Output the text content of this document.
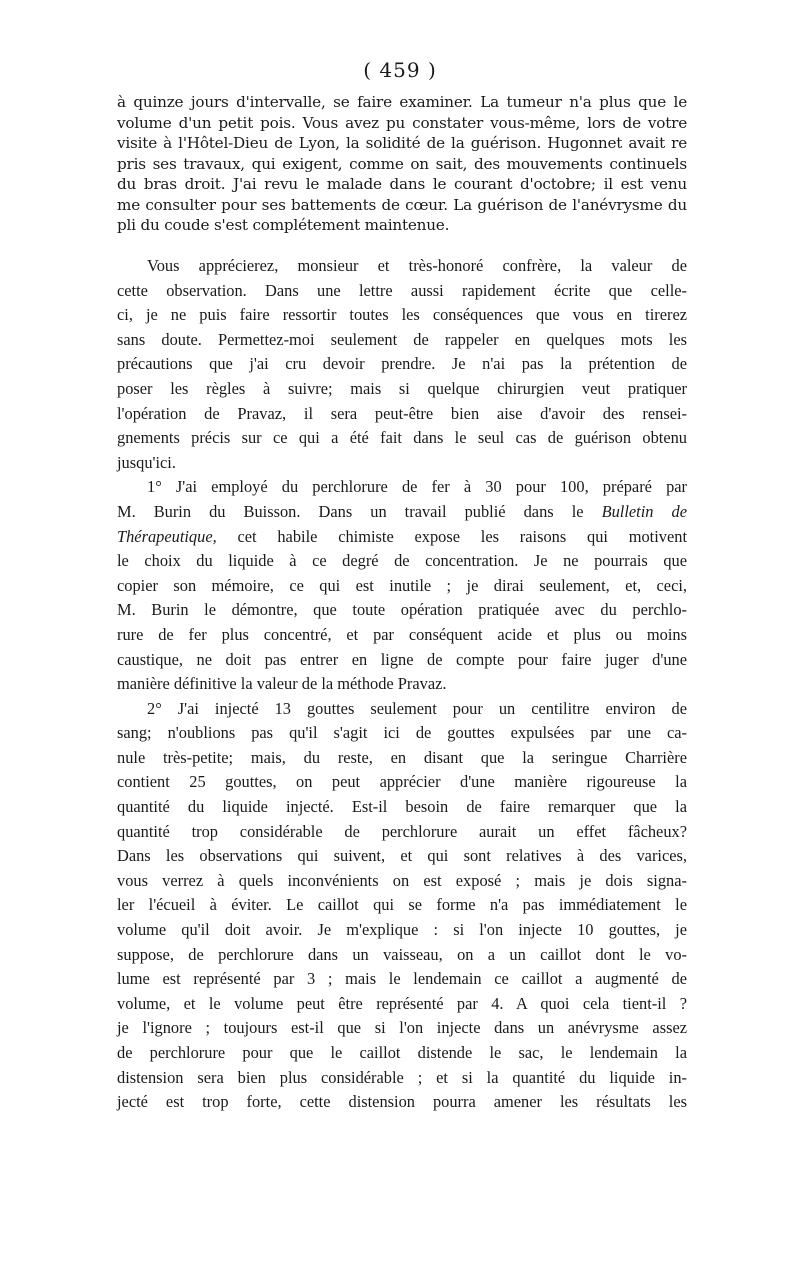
( 459 )
à quinze jours d'intervalle, se faire examiner. La tumeur n'a plus que le
volume d'un petit pois. Vous avez pu constater vous-même, lors de votre
visite à l'Hôtel-Dieu de Lyon, la solidité de la guérison. Hugonnet avait re
pris ses travaux, qui exigent, comme on sait, des mouvements continuels
du bras droit. J'ai revu le malade dans le courant d'octobre; il est venu
me consulter pour ses battements de cœur. La guérison de l'anévrysme du
pli du coude s'est complétement maintenue.
Vous apprécierez, monsieur et très-honoré confrère, la valeur de
cette observation. Dans une lettre aussi rapidement écrite que celle-
ci, je ne puis faire ressortir toutes les conséquences que vous en tirerez
sans doute. Permettez-moi seulement de rappeler en quelques mots les
précautions que j'ai cru devoir prendre. Je n'ai pas la prétention de
poser les règles à suivre; mais si quelque chirurgien veut pratiquer
l'opération de Pravaz, il sera peut-être bien aise d'avoir des rensei-
gnements précis sur ce qui a été fait dans le seul cas de guérison obtenu
jusqu'ici.
1° J'ai employé du perchlorure de fer à 30 pour 100, préparé par
M. Burin du Buisson. Dans un travail publié dans le Bulletin de
Thérapeutique, cet habile chimiste expose les raisons qui motivent
le choix du liquide à ce degré de concentration. Je ne pourrais que
copier son mémoire, ce qui est inutile ; je dirai seulement, et, ceci,
M. Burin le démontre, que toute opération pratiquée avec du perchlo-
rure de fer plus concentré, et par conséquent acide et plus ou moins
caustique, ne doit pas entrer en ligne de compte pour faire juger d'une
manière définitive la valeur de la méthode Pravaz.
2° J'ai injecté 13 gouttes seulement pour un centilitre environ de
sang; n'oublions pas qu'il s'agit ici de gouttes expulsées par une ca-
nule très-petite; mais, du reste, en disant que la seringue Charrière
contient 25 gouttes, on peut apprécier d'une manière rigoureuse la
quantité du liquide injecté. Est-il besoin de faire remarquer que la
quantité trop considérable de perchlorure aurait un effet fâcheux?
Dans les observations qui suivent, et qui sont relatives à des varices,
vous verrez à quels inconvénients on est exposé ; mais je dois signa-
ler l'écueil à éviter. Le caillot qui se forme n'a pas immédiatement le
volume qu'il doit avoir. Je m'explique : si l'on injecte 10 gouttes, je
suppose, de perchlorure dans un vaisseau, on a un caillot dont le vo-
lume est représenté par 3 ; mais le lendemain ce caillot a augmenté de
volume, et le volume peut être représenté par 4. A quoi cela tient-il ?
je l'ignore ; toujours est-il que si l'on injecte dans un anévrysme assez
de perchlorure pour que le caillot distende le sac, le lendemain la
distension sera bien plus considérable ; et si la quantité du liquide in-
jecté est trop forte, cette distension pourra amener les résultats les
